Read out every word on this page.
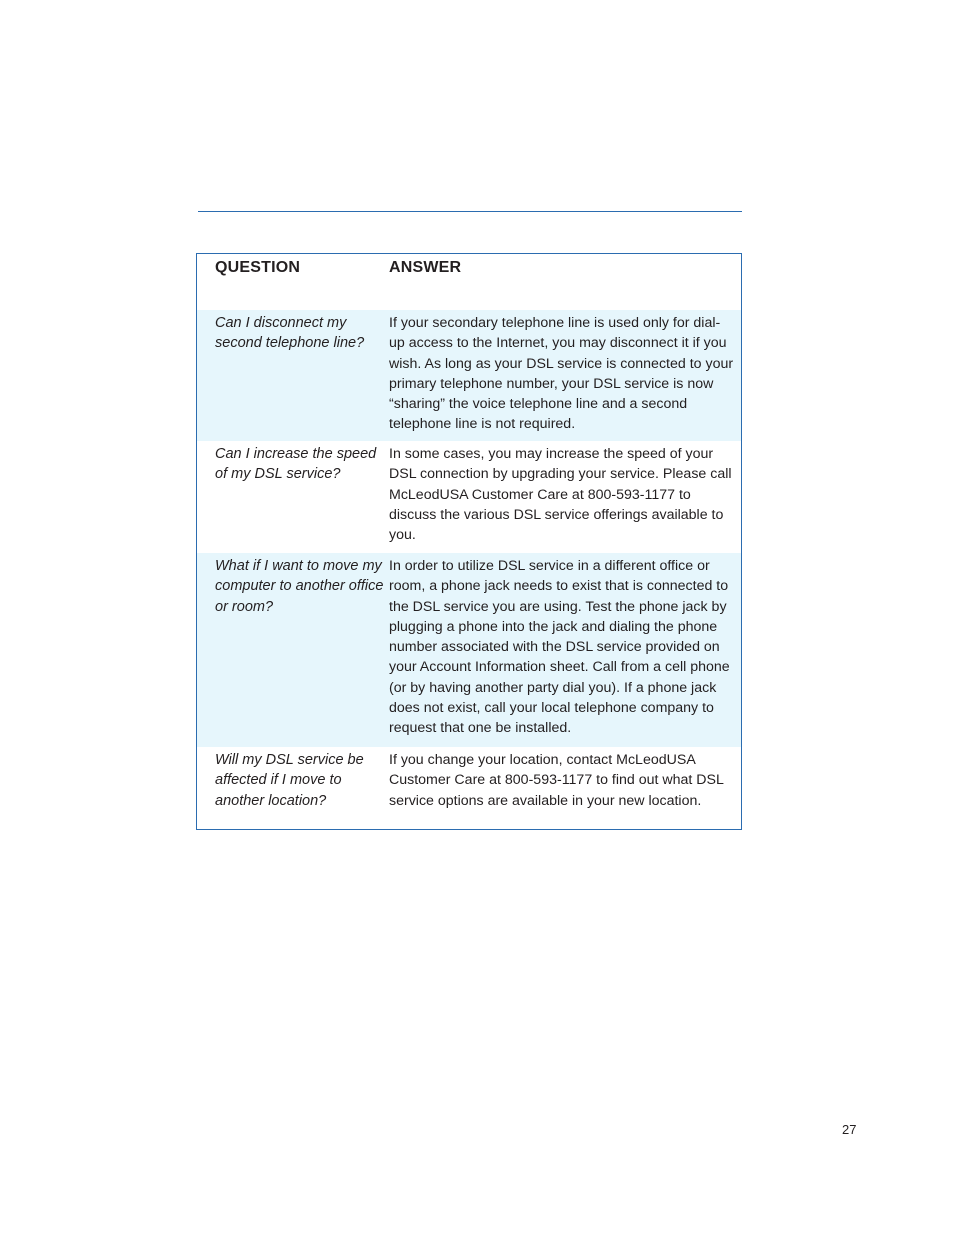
QUESTION	ANSWER
Can I disconnect my second telephone line?
If your secondary telephone line is used only for dial-up access to the Internet, you may disconnect it if you wish. As long as your DSL service is connected to your primary telephone number, your DSL service is now “sharing” the voice telephone line and a second telephone line is not required.
Can I increase the speed of my DSL service?
In some cases, you may increase the speed of your DSL connection by upgrading your service. Please call McLeodUSA Customer Care at 800-593-1177 to discuss the various DSL service offerings available to you.
What if I want to move my computer to another office or room?
In order to utilize DSL service in a different office or room, a phone jack needs to exist that is connected to the DSL service you are using. Test the phone jack by plugging a phone into the jack and dialing the phone number associated with the DSL service provided on your Account Information sheet. Call from a cell phone (or by having another party dial you). If a phone jack does not exist, call your local telephone company to request that one be installed.
Will my DSL service be affected if I move to another location?
If you change your location, contact McLeodUSA Customer Care at 800-593-1177 to find out what DSL service options are available in your new location.
27
